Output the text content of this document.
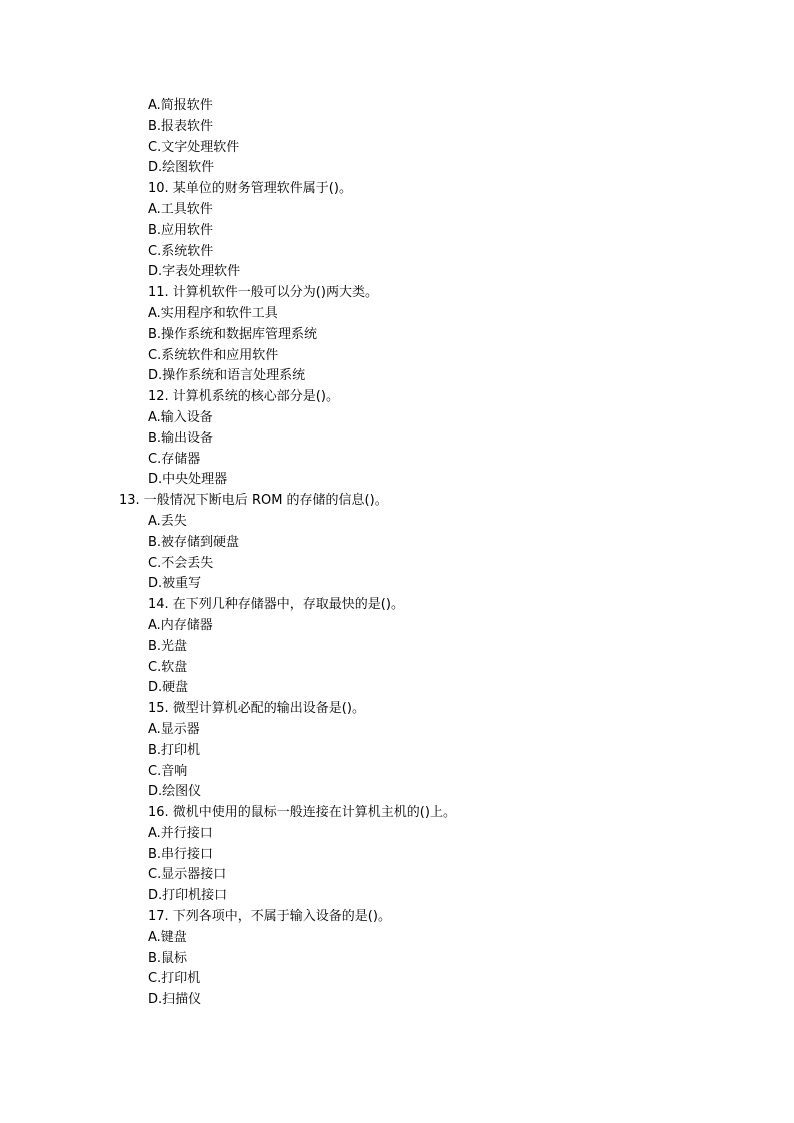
A.简报软件
B.报表软件
C.文字处理软件
D.绘图软件
10. 某单位的财务管理软件属于()。
A.工具软件
B.应用软件
C.系统软件
D.字表处理软件
11. 计算机软件一般可以分为()两大类。
A.实用程序和软件工具
B.操作系统和数据库管理系统
C.系统软件和应用软件
D.操作系统和语言处理系统
12. 计算机系统的核心部分是()。
A.输入设备
B.输出设备
C.存储器
D.中央处理器
13. 一般情况下断电后 ROM 的存储的信息()。
A.丢失
B.被存储到硬盘
C.不会丢失
D.被重写
14. 在下列几种存储器中，存取最快的是()。
A.内存储器
B.光盘
C.软盘
D.硬盘
15. 微型计算机必配的输出设备是()。
A.显示器
B.打印机
C.音响
D.绘图仪
16. 微机中使用的鼠标一般连接在计算机主机的()上。
A.并行接口
B.串行接口
C.显示器接口
D.打印机接口
17. 下列各项中，不属于输入设备的是()。
A.键盘
B.鼠标
C.打印机
D.扫描仪
